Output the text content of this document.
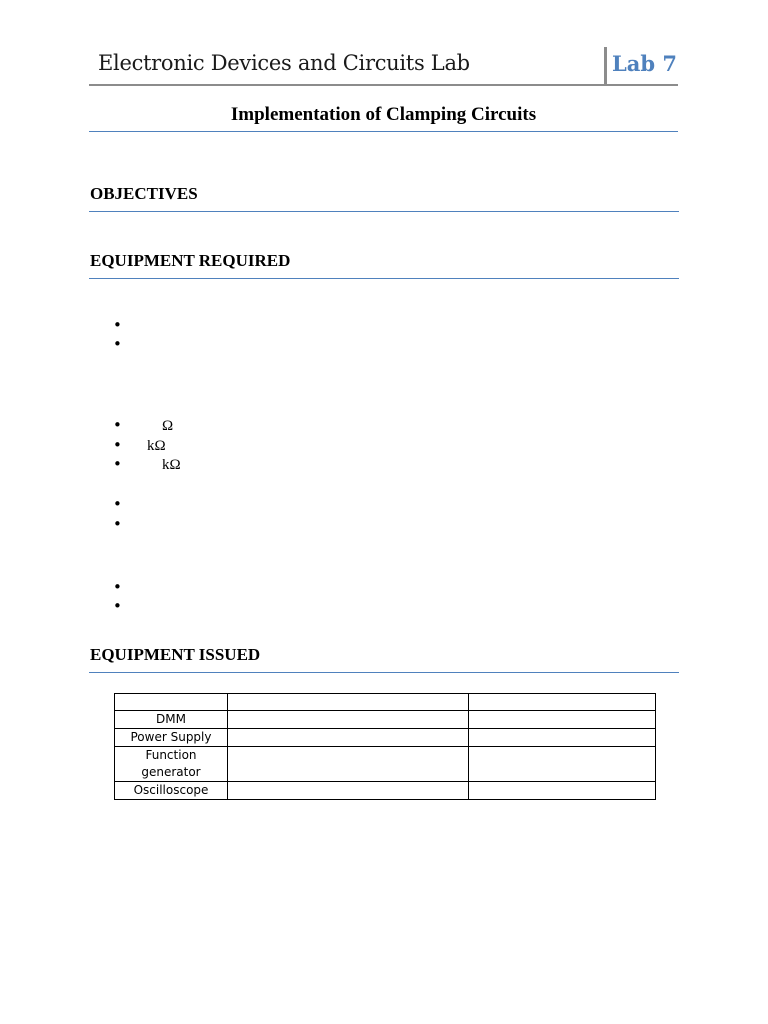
Electronic Devices and Circuits Lab	Lab 7
Implementation of Clamping Circuits
OBJECTIVES
EQUIPMENT REQUIRED
•
•
•	Ω
• kΩ
•	kΩ
•
•
•
•
EQUIPMENT ISSUED

DMM		
Power Supply		
Function generator		
Oscilloscope		
